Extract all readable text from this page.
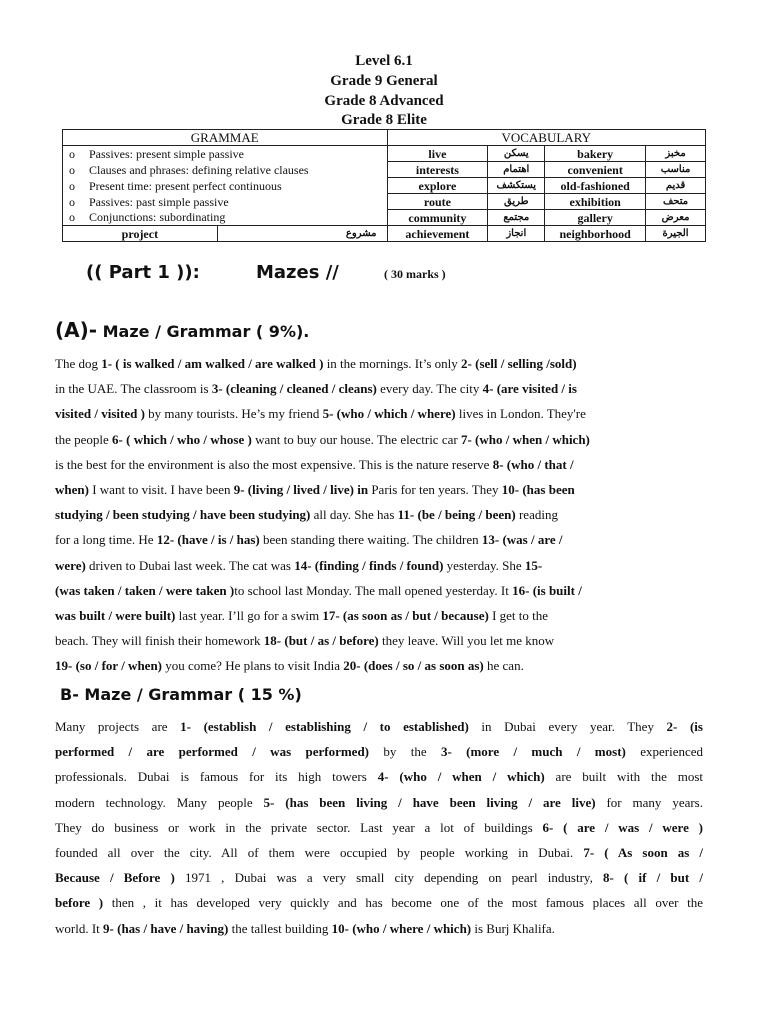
Level 6.1
Grade 9 General
Grade 8 Advanced
Grade 8 Elite
GRAMMAE		VOCABULARY			
o Passives: present simple passive		live	يسكن	bakery	مخبز
o Clauses and phrases: defining relative clauses		interests	اهتمام	convenient	مناسب
o Present time: present perfect continuous		explore	يستكشف	old-fashioned	قديم
o Passives: past simple passive		route	طريق	exhibition	متحف
o Conjunctions: subordinating		community	مجتمع	gallery	معرض
project	مشروع	achievement	انجاز	neighborhood	الجيرة
(( Part 1 )):	Mazes //	( 30 marks )
(A)- Maze / Grammar ( 9%).
The dog 1- ( is walked / am walked / are walked ) in the mornings. It’s only 2- (sell / selling /sold)
in the UAE. The classroom is 3- (cleaning / cleaned / cleans) every day. The city 4- (are visited / is
visited / visited ) by many tourists. He’s my friend 5- (who / which / where) lives in London. They're
the people 6- ( which / who / whose ) want to buy our house. The electric car 7- (who / when / which)
is the best for the environment is also the most expensive. This is the nature reserve 8- (who / that /
when) I want to visit. I have been 9- (living / lived / live) in Paris for ten years. They 10- (has been
studying / been studying / have been studying) all day. She has 11- (be / being / been) reading
for a long time. He 12- (have / is / has) been standing there waiting. The children 13- (was / are /
were) driven to Dubai last week. The cat was 14- (finding / finds / found) yesterday. She 15-
(was taken / taken / were taken )to school last Monday. The mall opened yesterday. It 16- (is built /
was built / were built) last year. I’ll go for a swim 17- (as soon as / but / because) I get to the
beach. They will finish their homework 18- (but / as / before) they leave. Will you let me know
19- (so / for / when) you come? He plans to visit India 20- (does / so / as soon as) he can.
B- Maze / Grammar ( 15 %)
Many projects are 1- (establish / establishing / to established) in Dubai every year. They 2- (is
performed / are performed / was performed) by the 3- (more / much / most) experienced
professionals. Dubai is famous for its high towers 4- (who / when / which) are built with the most
modern technology. Many people 5- (has been living / have been living / are live) for many years.
They do business or work in the private sector. Last year a lot of buildings 6- ( are / was / were )
founded all over the city. All of them were occupied by people working in Dubai. 7- ( As soon as /
Because / Before ) 1971 , Dubai was a very small city depending on pearl industry, 8- ( if / but /
before ) then , it has developed very quickly and has become one of the most famous places all over the
world. It 9- (has / have / having) the tallest building 10- (who / where / which) is Burj Khalifa.
